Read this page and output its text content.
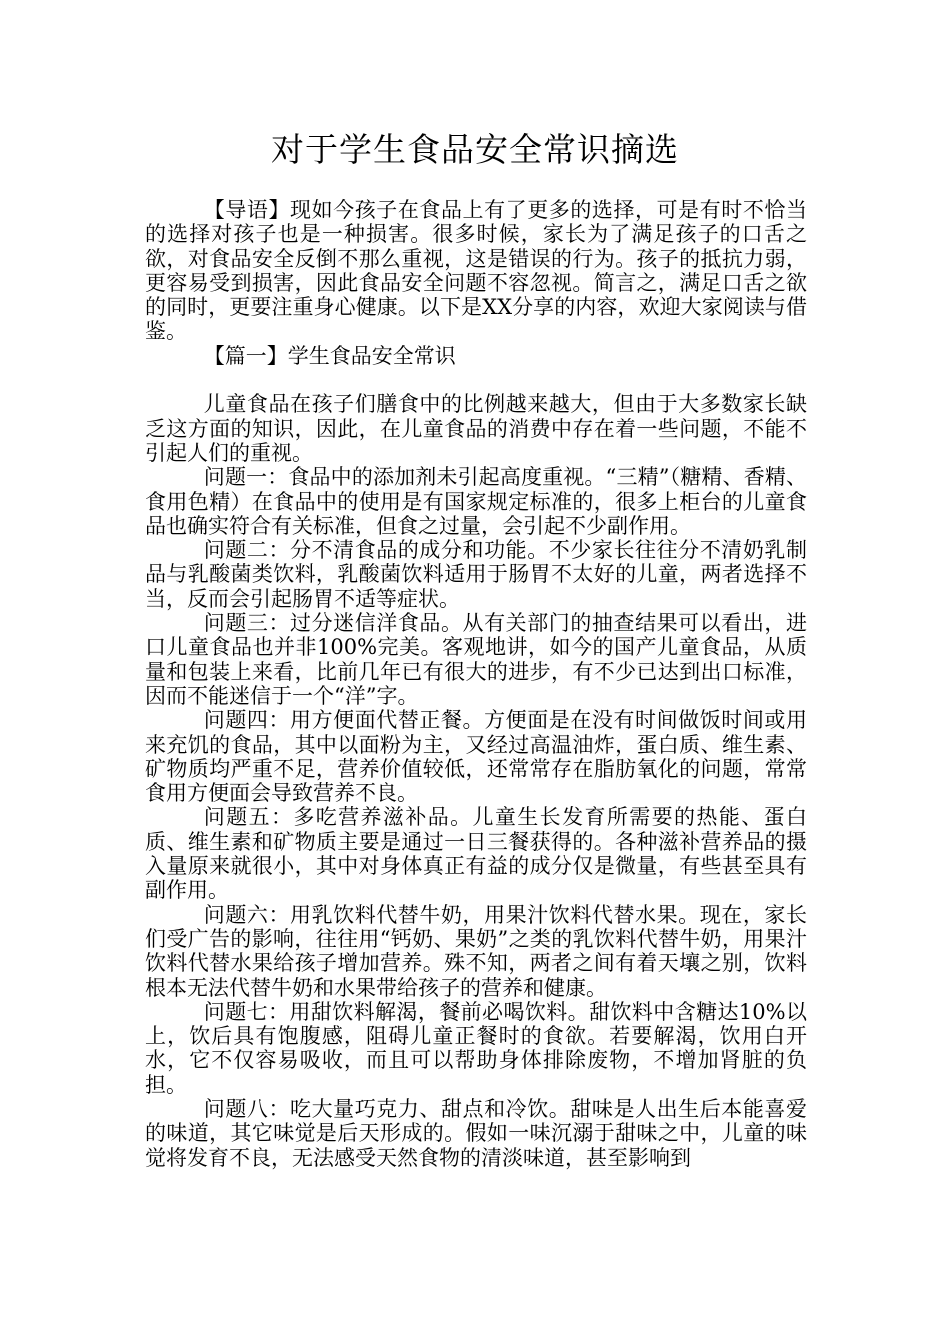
对于学生食品安全常识摘选

【导语】现如今孩子在食品上有了更多的选择，可是有时不恰当的选择对孩子也是一种损害。很多时候，家长为了满足孩子的口舌之欲，对食品安全反倒不那么重视，这是错误的行为。孩子的抵抗力弱，更容易受到损害，因此食品安全问题不容忽视。简言之，满足口舌之欲的同时，更要注重身心健康。以下是XX分享的内容，欢迎大家阅读与借鉴。

【篇一】学生食品安全常识

儿童食品在孩子们膳食中的比例越来越大，但由于大多数家长缺乏这方面的知识，因此，在儿童食品的消费中存在着一些问题，不能不引起人们的重视。

问题一：食品中的添加剂未引起高度重视。“三精”（糖精、香精、食用色精）在食品中的使用是有国家规定标准的，很多上柜台的儿童食品也确实符合有关标准，但食之过量，会引起不少副作用。

问题二：分不清食品的成分和功能。不少家长往往分不清奶乳制品与乳酸菌类饮料，乳酸菌饮料适用于肠胃不太好的儿童，两者选择不当，反而会引起肠胃不适等症状。

问题三：过分迷信洋食品。从有关部门的抽查结果可以看出，进口儿童食品也并非100%完美。客观地讲，如今的国产儿童食品，从质量和包装上来看，比前几年已有很大的进步，有不少已达到出口标准，因而不能迷信于一个“洋”字。

问题四：用方便面代替正餐。方便面是在没有时间做饭时间或用来充饥的食品，其中以面粉为主，又经过高温油炸，蛋白质、维生素、矿物质均严重不足，营养价值较低，还常常存在脂肪氧化的问题，常常食用方便面会导致营养不良。

问题五：多吃营养滋补品。儿童生长发育所需要的热能、蛋白质、维生素和矿物质主要是通过一日三餐获得的。各种滋补营养品的摄入量原来就很小，其中对身体真正有益的成分仅是微量，有些甚至具有副作用。

问题六：用乳饮料代替牛奶，用果汁饮料代替水果。现在，家长们受广告的影响，往往用“钙奶、果奶”之类的乳饮料代替牛奶，用果汁饮料代替水果给孩子增加营养。殊不知，两者之间有着天壤之别，饮料根本无法代替牛奶和水果带给孩子的营养和健康。

问题七：用甜饮料解渴，餐前必喝饮料。甜饮料中含糖达10%以上，饮后具有饱腹感，阻碍儿童正餐时的食欲。若要解渴，饮用白开水，它不仅容易吸收，而且可以帮助身体排除废物，不增加肾脏的负担。

问题八：吃大量巧克力、甜点和冷饮。甜味是人出生后本能喜爱的味道，其它味觉是后天形成的。假如一味沉溺于甜味之中，儿童的味觉将发育不良，无法感受天然食物的清淡味道，甚至影响到
